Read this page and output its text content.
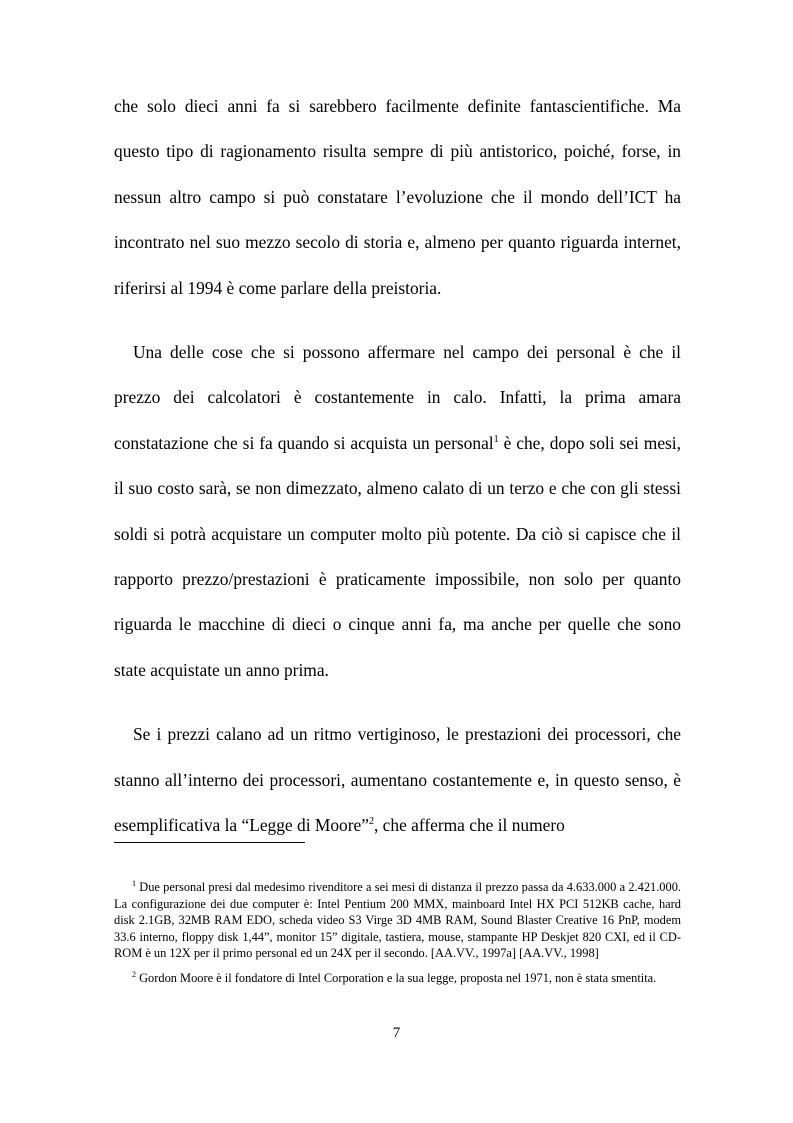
che solo dieci anni fa si sarebbero facilmente definite fantascientifiche. Ma questo tipo di ragionamento risulta sempre di più antistorico, poiché, forse, in nessun altro campo si può constatare l’evoluzione che il mondo dell’ICT ha incontrato nel suo mezzo secolo di storia e, almeno per quanto riguarda internet, riferirsi al 1994 è come parlare della preistoria.

Una delle cose che si possono affermare nel campo dei personal è che il prezzo dei calcolatori è costantemente in calo. Infatti, la prima amara constatazione che si fa quando si acquista un personal$^1$ è che, dopo soli sei mesi, il suo costo sarà, se non dimezzato, almeno calato di un terzo e che con gli stessi soldi si potrà acquistare un computer molto più potente. Da ciò si capisce che il rapporto prezzo/prestazioni è praticamente impossibile, non solo per quanto riguarda le macchine di dieci o cinque anni fa, ma anche per quelle che sono state acquistate un anno prima.

Se i prezzi calano ad un ritmo vertiginoso, le prestazioni dei processori, che stanno all’interno dei processori, aumentano costantemente e, in questo senso, è esemplificativa la “Legge di Moore”$^2$, che afferma che il numero

$^1$ Due personal presi dal medesimo rivenditore a sei mesi di distanza il prezzo passa da 4.633.000 a 2.421.000. La configurazione dei due computer è: Intel Pentium 200 MMX, mainboard Intel HX PCI 512KB cache, hard disk 2.1GB, 32MB RAM EDO, scheda video S3 Virge 3D 4MB RAM, Sound Blaster Creative 16 PnP, modem 33.6 interno, floppy disk 1,44”, monitor 15” digitale, tastiera, mouse, stampante HP Deskjet 820 CXI, ed il CD-ROM è un 12X per il primo personal ed un 24X per il secondo. [AA.VV., 1997a] [AA.VV., 1998]

$^2$ Gordon Moore è il fondatore di Intel Corporation e la sua legge, proposta nel 1971, non è stata smentita.

7
